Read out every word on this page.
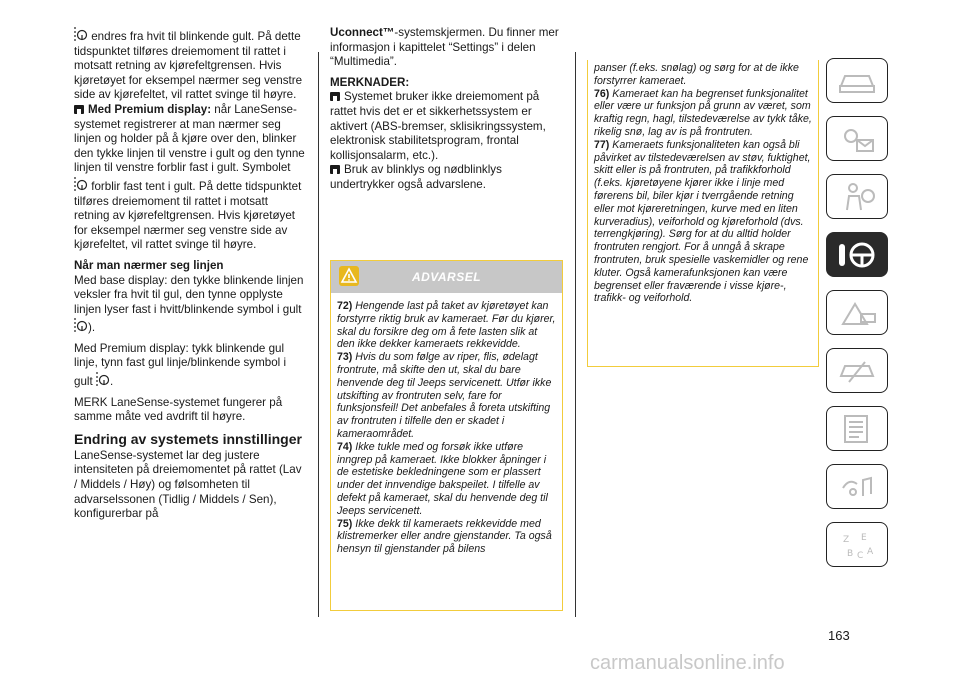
endres fra hvit til blinkende gult. På dette tidspunktet tilføres dreiemoment til rattet i motsatt retning av kjørefeltgrensen. Hvis kjøretøyet for eksempel nærmer seg venstre side av kjørefeltet, vil rattet svinge til høyre.

Med Premium display: når LaneSense-systemet registrerer at man nærmer seg linjen og holder på å kjøre over den, blinker den tykke linjen til venstre i gult og den tynne linjen til venstre forblir fast i gult. Symbolet  forblir fast tent i gult. På dette tidspunktet tilføres dreiemoment til rattet i motsatt retning av kjørefeltgrensen. Hvis kjøretøyet for eksempel nærmer seg venstre side av kjørefeltet, vil rattet svinge til høyre.

Når man nærmer seg linjen

Med base display: den tykke blinkende linjen veksler fra hvit til gul, den tynne opplyste linjen lyser fast i hvitt/blinkende symbol i gult ).

Med Premium display: tykk blinkende gul linje, tynn fast gul linje/blinkende symbol i gult .

MERK LaneSense-systemet fungerer på samme måte ved avdrift til høyre.

Endring av systemets innstillinger

LaneSense-systemet lar deg justere intensiteten på dreiemomentet på rattet (Lav / Middels / Høy) og følsomheten til advarselssonen (Tidlig / Middels / Sen), konfigurerbar på

Uconnect™-systemskjermen. Du finner mer informasjon i kapittelet “Settings” i delen “Multimedia”.

MERKNADER:

Systemet bruker ikke dreiemoment på rattet hvis det er et sikkerhetssystem er aktivert (ABS-bremser, sklisikringssystem, elektronisk stabilitetsprogram, frontal kollisjonsalarm, etc.).

Bruk av blinklys og nødblinklys undertrykker også advarslene.

ADVARSEL

72) Hengende last på taket av kjøretøyet kan forstyrre riktig bruk av kameraet. Før du kjører, skal du forsikre deg om å fete lasten slik at den ikke dekker kameraets rekkevidde.

73) Hvis du som følge av riper, flis, ødelagt frontrute, må skifte den ut, skal du bare henvende deg til Jeeps servicenett. Utfør ikke utskifting av frontruten selv, fare for funksjonsfeil! Det anbefales å foreta utskifting av frontruten i tilfelle den er skadet i kameraområdet.

74) Ikke tukle med og forsøk ikke utføre inngrep på kameraet. Ikke blokker åpninger i de estetiske bekledningene som er plassert under det innvendige bakspeilet. I tilfelle av defekt på kameraet, skal du henvende deg til Jeeps servicenett.

75) Ikke dekk til kameraets rekkevidde med klistremerker eller andre gjenstander. Ta også hensyn til gjenstander på bilens

panser (f.eks. snølag) og sørg for at de ikke forstyrrer kameraet.

76) Kameraet kan ha begrenset funksjonalitet eller være ur funksjon på grunn av været, som kraftig regn, hagl, tilstedeværelse av tykk tåke, rikelig snø, lag av is på frontruten.

77) Kameraets funksjonaliteten kan også bli påvirket av tilstedeværelsen av støv, fuktighet, skitt eller is på frontruten, på trafikkforhold (f.eks. kjøretøyene kjører ikke i linje med førerens bil, biler kjør i tverrgående retning eller mot kjøreretningen, kurve med en liten kurveradius), veiforhold og kjøreforhold (dvs. terrengkjøring). Sørg for at du alltid holder frontruten rengjort. For å unngå å skrape frontruten, bruk spesielle vaskemidler og rene kluter. Også kamerafunksjonen kan være begrenset eller fraværende i visse kjøre-, trafikk- og veiforhold.

Z E
B C A
163
carmanualsonline.info
